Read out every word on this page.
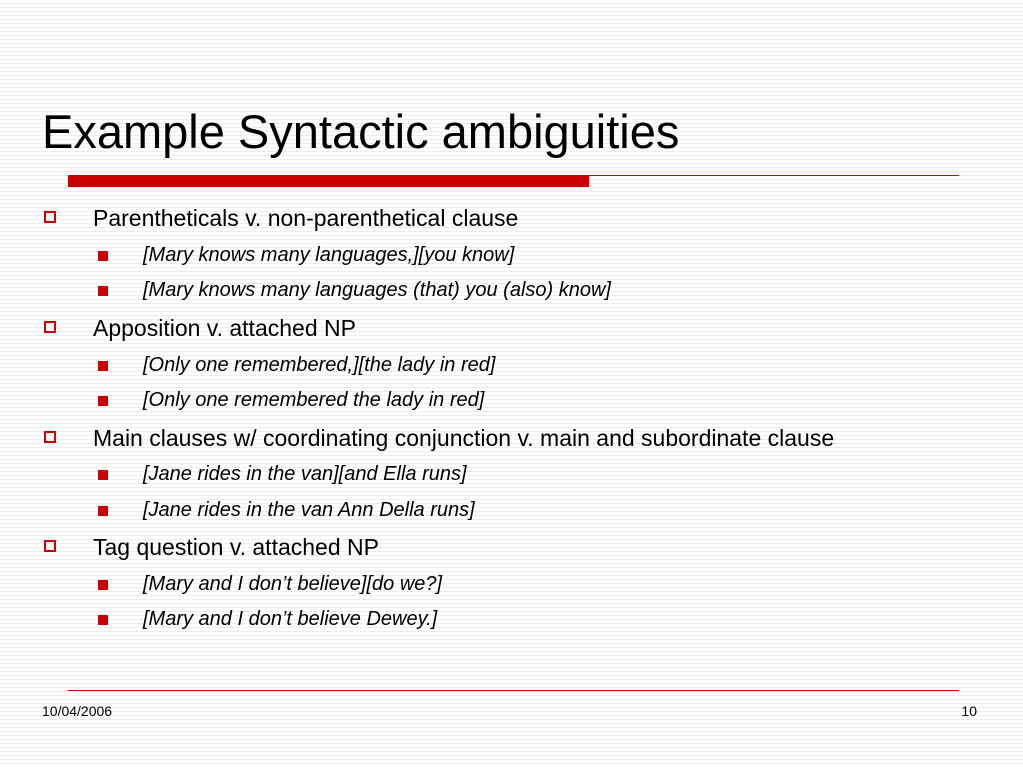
Example Syntactic ambiguities
Parentheticals v. non-parenthetical clause
[Mary knows many languages,][you know]
[Mary knows many languages (that) you (also) know]
Apposition v. attached NP
[Only one remembered,][the lady in red]
[Only one remembered the lady in red]
Main clauses w/ coordinating conjunction v. main and subordinate clause
[Jane rides in the van][and Ella runs]
[Jane rides in the van Ann Della runs]
Tag question v. attached NP
[Mary and I don’t believe][do we?]
[Mary and I don’t believe Dewey.]
10/04/2006	10
